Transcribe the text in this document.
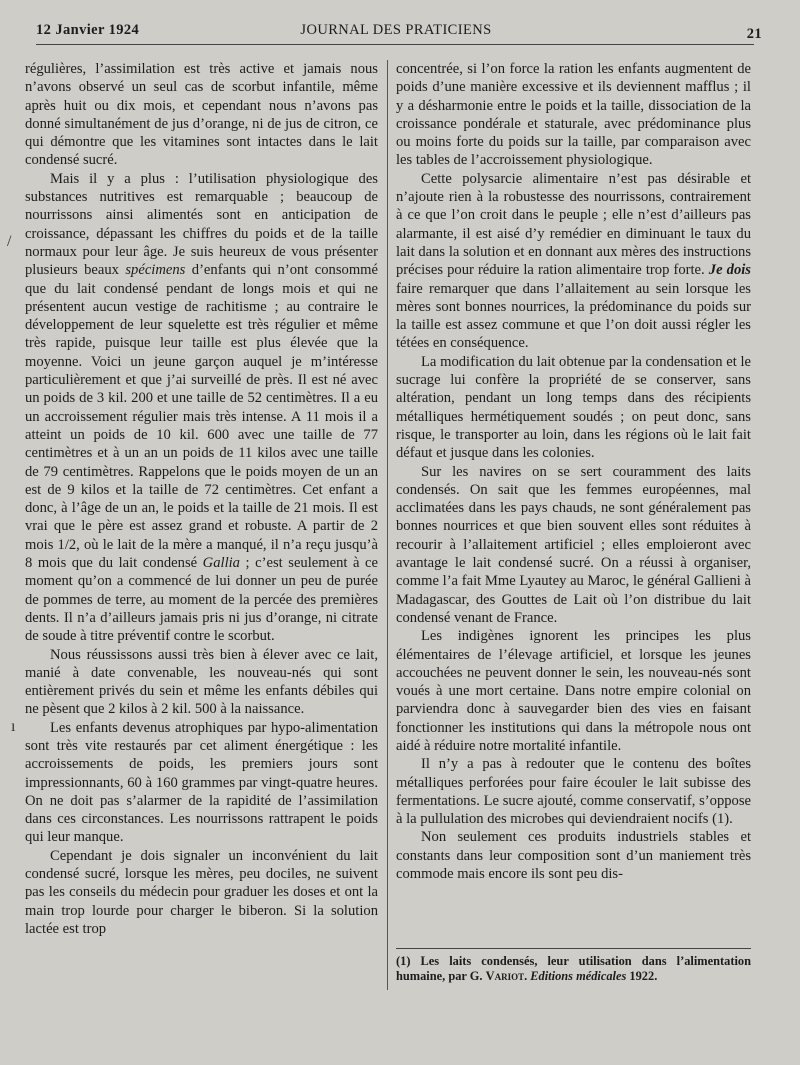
12 Janvier 1924	JOURNAL DES PRATICIENS	21
/
ı

régulières, l’assimilation est très active et jamais nous n’avons observé un seul cas de scorbut infantile, même après huit ou dix mois, et cependant nous n’avons pas donné simultanément de jus d’orange, ni de jus de citron, ce qui démontre que les vitamines sont intactes dans le lait condensé sucré.

Mais il y a plus : l’utilisation physiologique des substances nutritives est remarquable ; beaucoup de nourrissons ainsi alimentés sont en anticipation de croissance, dépassant les chiffres du poids et de la taille normaux pour leur âge. Je suis heureux de vous présenter plusieurs beaux spécimens d’enfants qui n’ont consommé que du lait condensé pendant de longs mois et qui ne présentent aucun vestige de rachitisme ; au contraire le développement de leur squelette est très régulier et même très rapide, puisque leur taille est plus élevée que la moyenne. Voici un jeune garçon auquel je m’intéresse particulièrement et que j’ai surveillé de près. Il est né avec un poids de 3 kil. 200 et une taille de 52 centimètres. Il a eu un accroissement régulier mais très intense. A 11 mois il a atteint un poids de 10 kil. 600 avec une taille de 77 centimètres et à un an un poids de 11 kilos avec une taille de 79 centimètres. Rappelons que le poids moyen de un an est de 9 kilos et la taille de 72 centimètres. Cet enfant a donc, à l’âge de un an, le poids et la taille de 21 mois. Il est vrai que le père est assez grand et robuste. A partir de 2 mois 1/2, où le lait de la mère a manqué, il n’a reçu jusqu’à 8 mois que du lait condensé Gallia ; c’est seulement à ce moment qu’on a commencé de lui donner un peu de purée de pommes de terre, au moment de la percée des premières dents. Il n’a d’ailleurs jamais pris ni jus d’orange, ni citrate de soude à titre préventif contre le scorbut.

Nous réussissons aussi très bien à élever avec ce lait, manié à date convenable, les nouveau-nés qui sont entièrement privés du sein et même les enfants débiles qui ne pèsent que 2 kilos à 2 kil. 500 à la naissance.

Les enfants devenus atrophiques par hypo-alimentation sont très vite restaurés par cet aliment énergétique : les accroissements de poids, les premiers jours sont impressionnants, 60 à 160 grammes par vingt-quatre heures. On ne doit pas s’alarmer de la rapidité de l’assimilation dans ces circonstances. Les nourrissons rattrapent le poids qui leur manque.

Cependant je dois signaler un inconvénient du lait condensé sucré, lorsque les mères, peu dociles, ne suivent pas les conseils du médecin pour graduer les doses et ont la main trop lourde pour charger le biberon. Si la solution lactée est trop

concentrée, si l’on force la ration les enfants augmentent de poids d’une manière excessive et ils deviennent mafflus ; il y a désharmonie entre le poids et la taille, dissociation de la croissance pondérale et staturale, avec prédominance plus ou moins forte du poids sur la taille, par comparaison avec les tables de l’accroissement physiologique.

Cette polysarcie alimentaire n’est pas désirable et n’ajoute rien à la robustesse des nourrissons, contrairement à ce que l’on croit dans le peuple ; elle n’est d’ailleurs pas alarmante, il est aisé d’y remédier en diminuant le taux du lait dans la solution et en donnant aux mères des instructions précises pour réduire la ration alimentaire trop forte. Je dois faire remarquer que dans l’allaitement au sein lorsque les mères sont bonnes nourrices, la prédominance du poids sur la taille est assez commune et que l’on doit aussi régler les tétées en conséquence.

La modification du lait obtenue par la condensation et le sucrage lui confère la propriété de se conserver, sans altération, pendant un long temps dans des récipients métalliques hermétiquement soudés ; on peut donc, sans risque, le transporter au loin, dans les régions où le lait fait défaut et jusque dans les colonies.

Sur les navires on se sert couramment des laits condensés. On sait que les femmes européennes, mal acclimatées dans les pays chauds, ne sont généralement pas bonnes nourrices et que bien souvent elles sont réduites à recourir à l’allaitement artificiel ; elles emploieront avec avantage le lait condensé sucré. On a réussi à organiser, comme l’a fait Mme Lyautey au Maroc, le général Gallieni à Madagascar, des Gouttes de Lait où l’on distribue du lait condensé venant de France.

Les indigènes ignorent les principes les plus élémentaires de l’élevage artificiel, et lorsque les jeunes accouchées ne peuvent donner le sein, les nouveau-nés sont voués à une mort certaine. Dans notre empire colonial on parviendra donc à sauvegarder bien des vies en faisant fonctionner les institutions qui dans la métropole nous ont aidé à réduire notre mortalité infantile.

Il n’y a pas à redouter que le contenu des boîtes métalliques perforées pour faire écouler le lait subisse des fermentations. Le sucre ajouté, comme conservatif, s’oppose à la pullulation des microbes qui deviendraient nocifs (1).

Non seulement ces produits industriels stables et constants dans leur composition sont d’un maniement très commode mais encore ils sont peu dis-

(1) Les laits condensés, leur utilisation dans l’alimentation humaine, par G. Variot. Editions médicales 1922.
